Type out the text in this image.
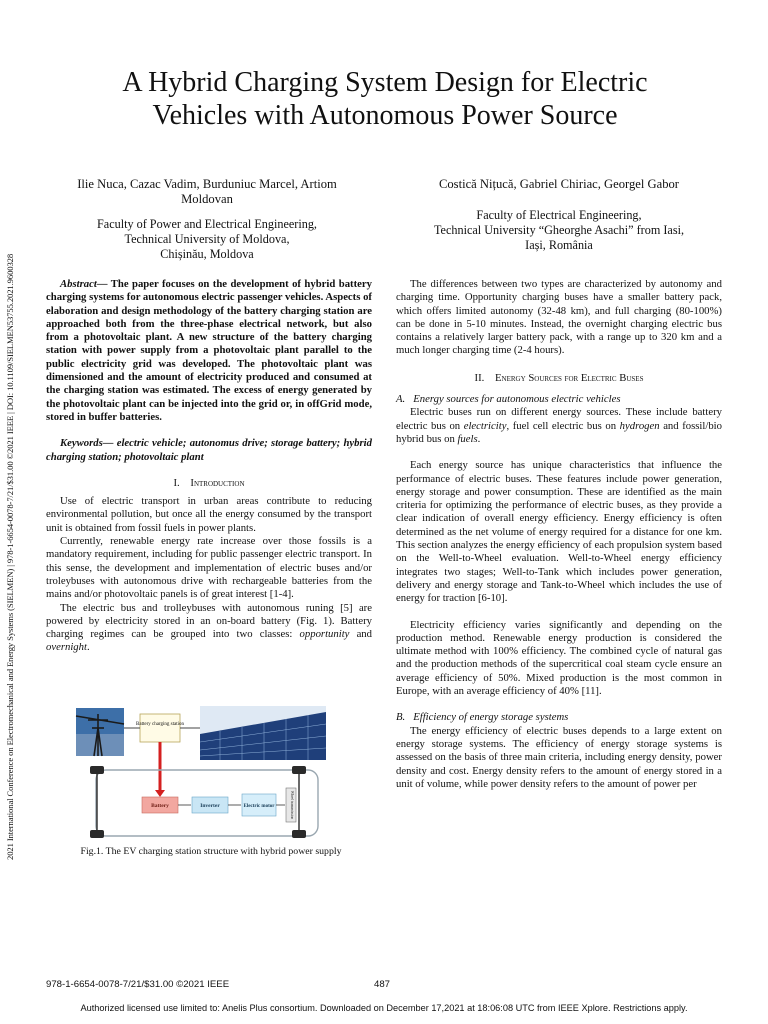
2021 International Conference on Electromechanical and Energy Systems (SIELMEN) | 978-1-6654-0078-7/21/$31.00 ©2021 IEEE | DOI: 10.1109/SIELMEN53755.2021.9600328
A Hybrid Charging System Design for Electric
Vehicles with Autonomous Power Source
Ilie Nuca, Cazac Vadim, Burduniuc Marcel, Artiom
Moldovan
Faculty of Power and Electrical Engineering,
Technical University of Moldova,
Chișinău, Moldova
Costică Nițucă, Gabriel Chiriac, Georgel Gabor
Faculty of Electrical Engineering,
Technical University “Gheorghe Asachi” from Iasi,
Iași, România

Abstract— The paper focuses on the development of hybrid battery charging systems for autonomous electric passenger vehicles. Aspects of elaboration and design methodology of the battery charging station are approached both from the three-phase electrical network, but also from a photovoltaic plant. A new structure of the battery charging station with power supply from a photovoltaic plant parallel to the public electricity grid was developed. The photovoltaic plant was dimensioned and the amount of electricity produced and consumed at the charging station was estimated. The excess of energy generated by the photovoltaic plant can be injected into the grid or, in offGrid mode, stored in buffer batteries.

Keywords— electric vehicle; autonomus drive; storage battery; hybrid charging station; photovoltaic plant

I. Introduction

Use of electric transport in urban areas contribute to reducing environmental pollution, but once all the energy consumed by the transport unit is obtained from fossil fuels in power plants.

Currently, renewable energy rate increase over those fossils is a mandatory requirement, including for public passenger electric transport. In this sense, the development and implementation of electric buses and/or troleybuses with autonomous drive with rechargeable batteries from the mains and/or photovoltaic panels is of great interest [1-4].

The electric bus and trolleybuses with autonomous runing [5] are powered by electricity stored in an on-board battery (Fig. 1). Battery charging regimes can be grouped into two classes: opportunity and overnight.

Battery charging station
Battery	Inverter	Electric motor	Wheel transmission
Fig.1. The EV charging station structure with hybrid power supply

The differences between two types are characterized by autonomy and charging time. Opportunity charging buses have a smaller battery pack, which offers limited autonomy (32-48 km), and full charging (80-100%) can be done in 5-10 minutes. Instead, the overnight charging electric bus contains a relatively larger battery pack, with a range up to 320 km and a much longer charging time (2-4 hours).

II. Energy Sources for Electric Buses

A. Energy sources for autonomous electric vehicles

Electric buses run on different energy sources. These include battery electric bus on electricity, fuel cell electric bus on hydrogen and fossil/bio hybrid bus on fuels.

Each energy source has unique characteristics that influence the performance of electric buses. These features include power generation, energy storage and power consumption. These are identified as the main criteria for optimizing the performance of electric buses, as they provide a clear indication of overall energy efficiency. Energy efficiency is often determined as the net volume of energy required for a distance for one km. This section analyzes the energy efficiency of each propulsion system based on the Well-to-Wheel evaluation. Well-to-Wheel energy efficiency integrates two stages; Well-to-Tank which includes power generation, delivery and energy storage and Tank-to-Wheel which includes the use of energy for traction [6-10].

Electricity efficiency varies significantly and depending on the production method. Renewable energy production is considered the ultimate method with 100% efficiency. The combined cycle of natural gas and the production methods of the supercritical coal steam cycle ensure an average efficiency of 50%. Mixed production is the most common in Europe, with an average efficiency of 40% [11].

B. Efficiency of energy storage systems

The energy efficiency of electric buses depends to a large extent on energy storage systems. The efficiency of energy storage systems is assessed on the basis of three main criteria, including energy density, power density and cost. Energy density refers to the amount of energy stored in a unit of volume, while power density refers to the amount of power per

978-1-6654-0078-7/21/$31.00 ©2021 IEEE	487
Authorized licensed use limited to: Anelis Plus consortium. Downloaded on December 17,2021 at 18:06:08 UTC from IEEE Xplore. Restrictions apply.
